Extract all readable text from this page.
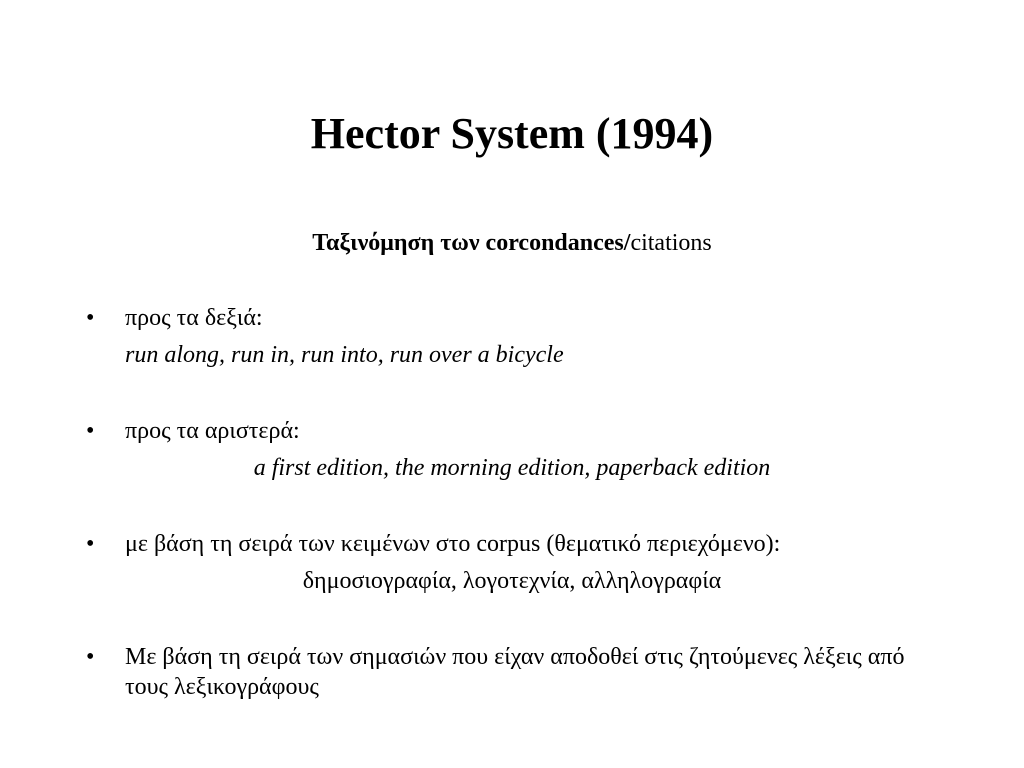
Hector System (1994)
Ταξινόμηση των corcondances/citations
• προς τα δεξιά:
run along, run in, run into, run over a bicycle
• προς τα αριστερά:
a first edition, the morning edition, paperback edition
• με βάση τη σειρά των κειμένων στο corpus (θεματικό περιεχόμενο):
δημοσιογραφία, λογοτεχνία, αλληλογραφία
• Με βάση τη σειρά των σημασιών που είχαν αποδοθεί στις ζητούμενες λέξεις από τους λεξικογράφους
